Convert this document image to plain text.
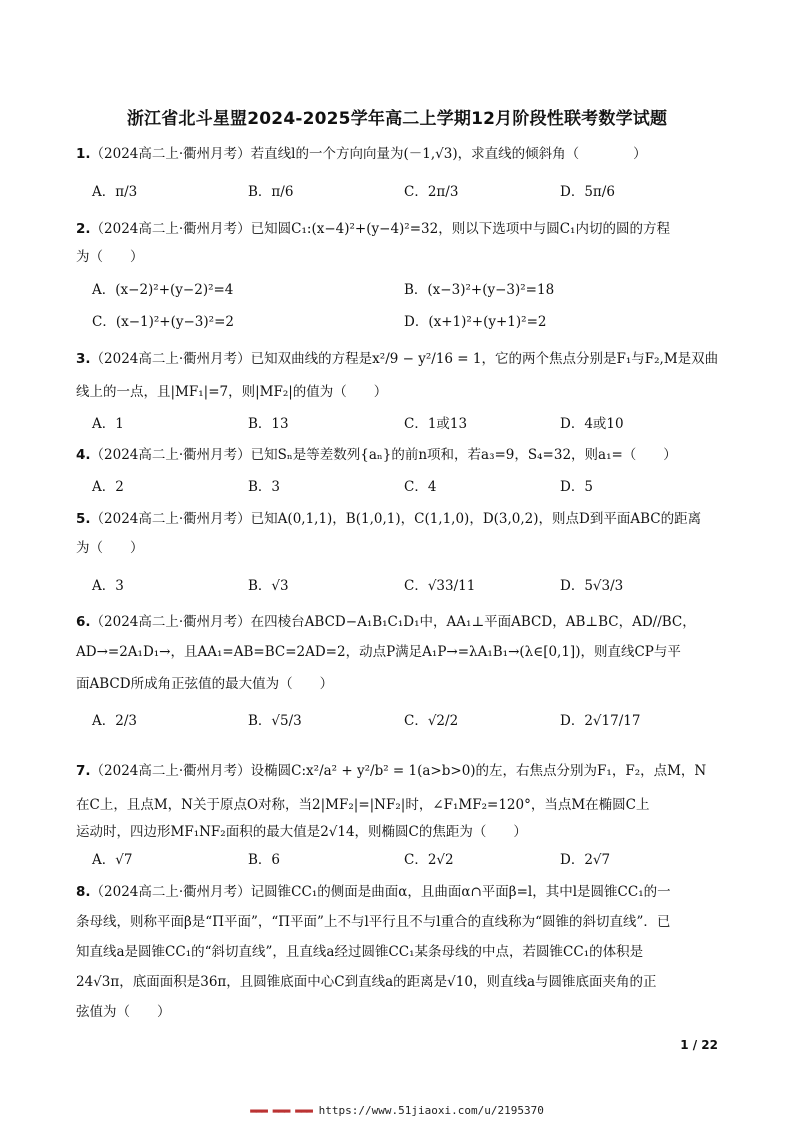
浙江省北斗星盟2024-2025学年高二上学期12月阶段性联考数学试题
1.（2024高二上·衢州月考）若直线l的一个方向向量为(－1,√3)，求直线的倾斜角（　　　　）
A．π/3	B．π/6	C．2π/3	D．5π/6
2.（2024高二上·衢州月考）已知圆C₁:(x−4)²+(y−4)²=32，则以下选项中与圆C₁内切的圆的方程
为（　　）
A．(x−2)²+(y−2)²=4	B．(x−3)²+(y−3)²=18
C．(x−1)²+(y−3)²=2	D．(x+1)²+(y+1)²=2
3.（2024高二上·衢州月考）已知双曲线的方程是x²/9 − y²/16 = 1，它的两个焦点分别是F₁与F₂,M是双曲
线上的一点，且|MF₁|=7，则|MF₂|的值为（　　）
A．1	B．13	C．1或13	D．4或10
4.（2024高二上·衢州月考）已知Sₙ是等差数列{aₙ}的前n项和，若a₃=9，S₄=32，则a₁=（　　）
A．2	B．3	C．4	D．5
5.（2024高二上·衢州月考）已知A(0,1,1)，B(1,0,1)，C(1,1,0)，D(3,0,2)，则点D到平面ABC的距离
为（　　）
A．3	B．√3	C．√33/11	D．5√3/3
6.（2024高二上·衢州月考）在四棱台ABCD−A₁B₁C₁D₁中，AA₁⊥平面ABCD，AB⊥BC，AD//BC，
AD→=2A₁D₁→，且AA₁=AB=BC=2AD=2，动点P满足A₁P→=λA₁B₁→(λ∈[0,1])，则直线CP与平
面ABCD所成角正弦值的最大值为（　　）
A．2/3	B．√5/3	C．√2/2	D．2√17/17
7.（2024高二上·衢州月考）设椭圆C:x²/a² + y²/b² = 1(a>b>0)的左，右焦点分别为F₁，F₂，点M，N
在C上，且点M，N关于原点O对称，当2|MF₂|=|NF₂|时，∠F₁MF₂=120°，当点M在椭圆C上
运动时，四边形MF₁NF₂面积的最大值是2√14，则椭圆C的焦距为（　　）
A．√7	B．6	C．2√2	D．2√7
8.（2024高二上·衢州月考）记圆锥CC₁的侧面是曲面α，且曲面α∩平面β=l，其中l是圆锥CC₁的一
条母线，则称平面β是“Π平面”，“Π平面”上不与l平行且不与l重合的直线称为“圆锥的斜切直线”．已
知直线a是圆锥CC₁的“斜切直线”，且直线a经过圆锥CC₁某条母线的中点，若圆锥CC₁的体积是
24√3π，底面面积是36π，且圆锥底面中心C到直线a的距离是√10，则直线a与圆锥底面夹角的正
弦值为（　　）
1 / 22
▬▬▬ ▬▬▬ ▬▬▬ https://www.51jiaoxi.com/u/2195370
